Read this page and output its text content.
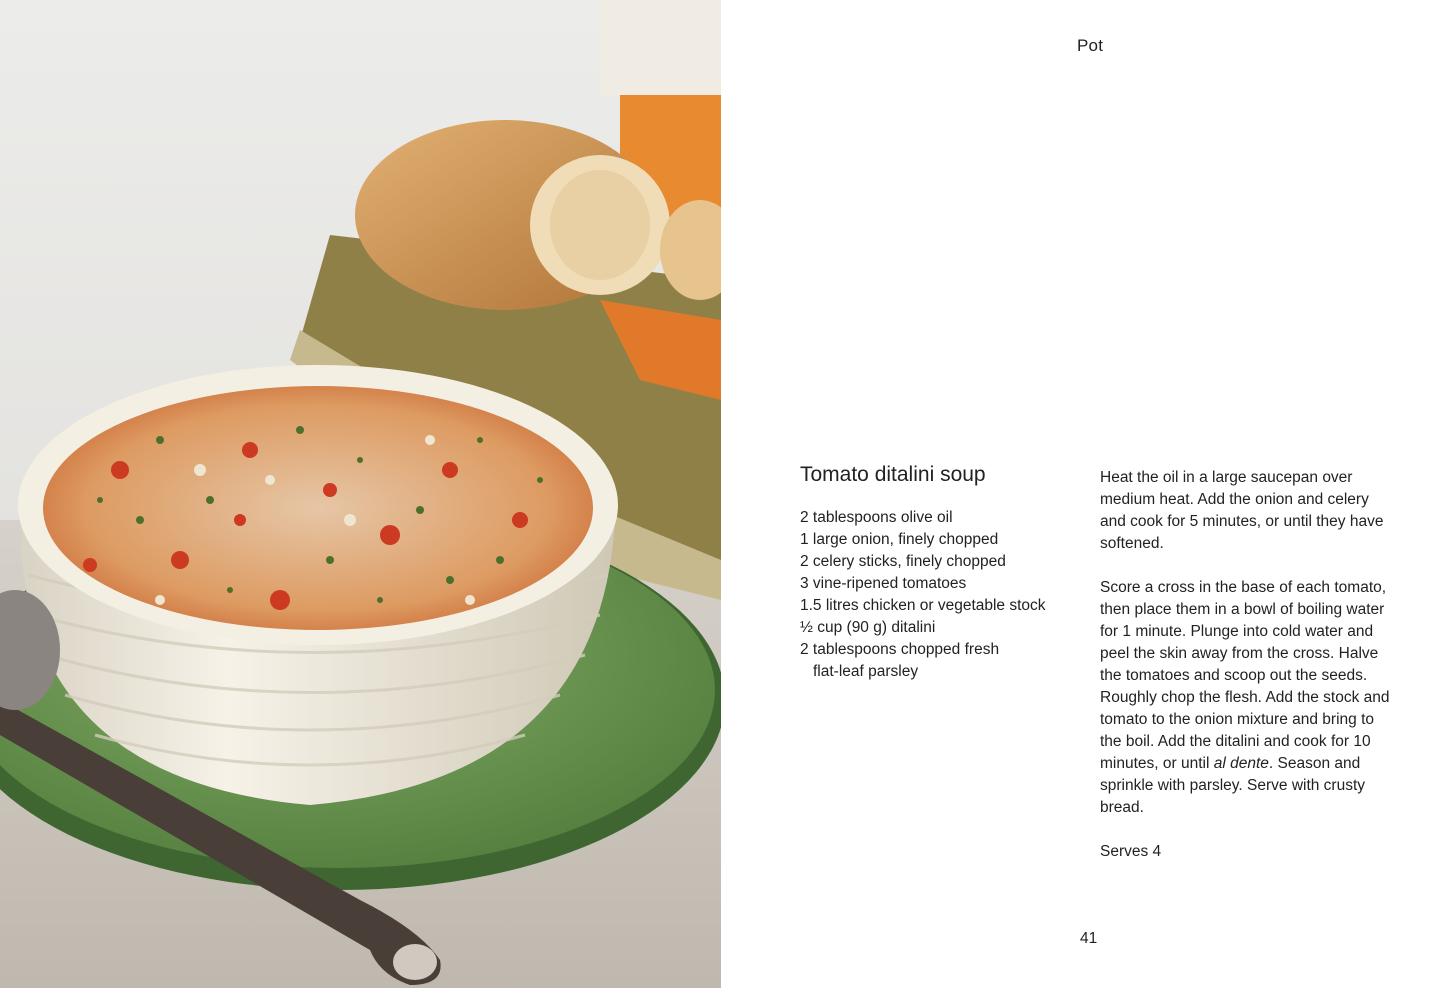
Pot
Tomato ditalini soup
2 tablespoons olive oil
1 large onion, finely chopped
2 celery sticks, finely chopped
3 vine-ripened tomatoes
1.5 litres chicken or vegetable stock
½ cup (90 g) ditalini
2 tablespoons chopped fresh
flat-leaf parsley

Heat the oil in a large saucepan over medium heat. Add the onion and celery and cook for 5 minutes, or until they have softened.

Score a cross in the base of each tomato, then place them in a bowl of boiling water for 1 minute. Plunge into cold water and peel the skin away from the cross. Halve the tomatoes and scoop out the seeds. Roughly chop the flesh. Add the stock and tomato to the onion mixture and bring to the boil. Add the ditalini and cook for 10 minutes, or until al dente. Season and sprinkle with parsley. Serve with crusty bread.

Serves 4

41
